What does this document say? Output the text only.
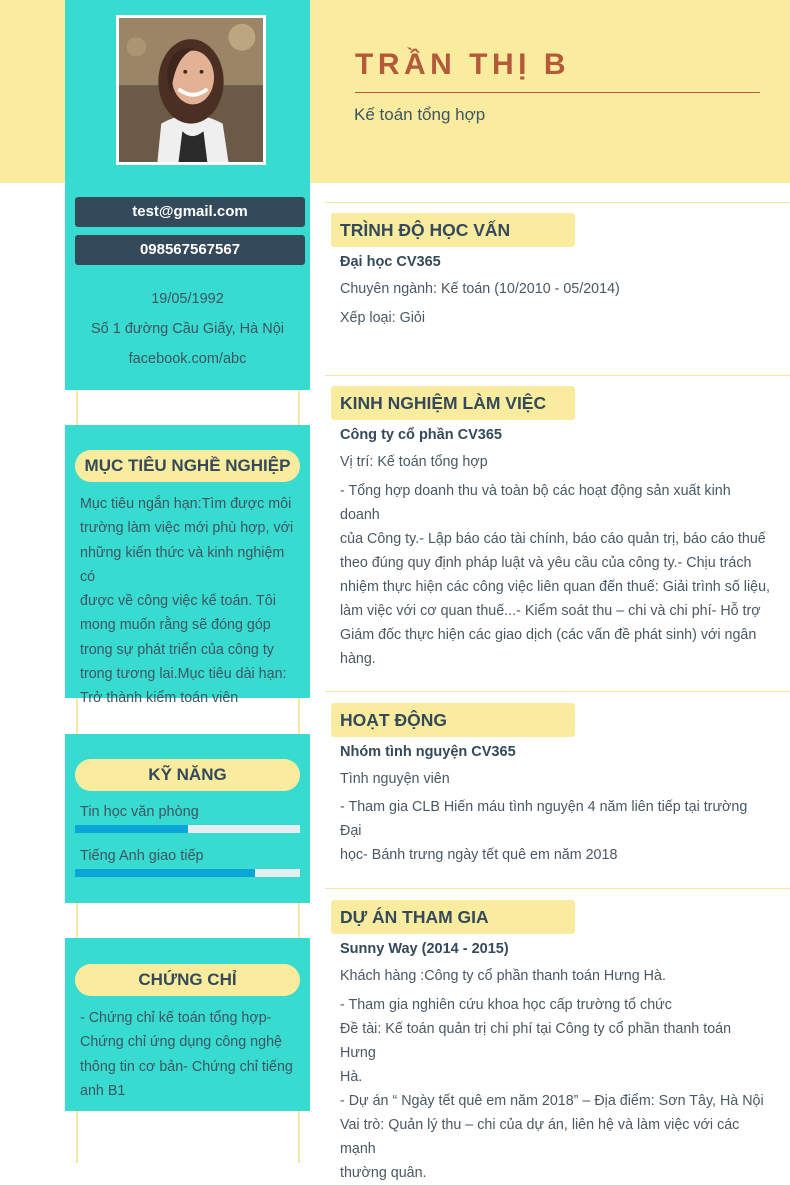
test@gmail.com
098567567567
19/05/1992
Số 1 đường Cầu Giấy, Hà Nội
facebook.com/abc
MỤC TIÊU NGHỀ NGHIỆP
Mục tiêu ngắn hạn:Tìm được môi
trường làm việc mới phù hợp, với
những kiến thức và kinh nghiệm có
được về công việc kế toán. Tôi
mong muốn rằng sẽ đóng góp
trong sự phát triển của công ty
trong tương lai.Mục tiêu dài hạn:
Trở thành kiểm toán viên
KỸ NĂNG
Tin học văn phòng
Tiếng Anh giao tiếp
CHỨNG CHỈ
- Chứng chỉ kế toán tổng hợp-
Chứng chỉ ứng dụng công nghệ
thông tin cơ bản- Chứng chỉ tiếng
anh B1
TRẦN THỊ B
Kế toán tổng hợp
TRÌNH ĐỘ HỌC VẤN
Đại học CV365
Chuyên ngành: Kế toán (10/2010 - 05/2014)
Xếp loại: Giỏi
KINH NGHIỆM LÀM VIỆC
Công ty cổ phần CV365
Vị trí: Kế toán tổng hợp
- Tổng hợp doanh thu và toàn bộ các hoạt động sản xuất kinh doanh
của Công ty.- Lập báo cáo tài chính, báo cáo quản trị, báo cáo thuế
theo đúng quy định pháp luật và yêu cầu của công ty.- Chịu trách
nhiệm thực hiện các công việc liên quan đến thuế: Giải trình số liệu,
làm việc với cơ quan thuế...- Kiểm soát thu – chi và chi phí- Hỗ trợ
Giám đốc thực hiện các giao dịch (các vấn đề phát sinh) với ngân
hàng.
HOẠT ĐỘNG
Nhóm tình nguyện CV365
Tình nguyện viên
- Tham gia CLB Hiến máu tình nguyện 4 năm liên tiếp tại trường Đại
học- Bánh trưng ngày tết quê em năm 2018
DỰ ÁN THAM GIA
Sunny Way (2014 - 2015)
Khách hàng :Công ty cổ phần thanh toán Hưng Hà.
- Tham gia nghiên cứu khoa học cấp trường tổ chức
Đề tài: Kế toán quản trị chi phí tại Công ty cổ phần thanh toán Hưng
Hà.
- Dự án “ Ngày tết quê em năm 2018” – Địa điểm: Sơn Tây, Hà Nội
Vai trò: Quản lý thu – chi của dự án, liên hệ và làm việc với các mạnh
thường quân.
